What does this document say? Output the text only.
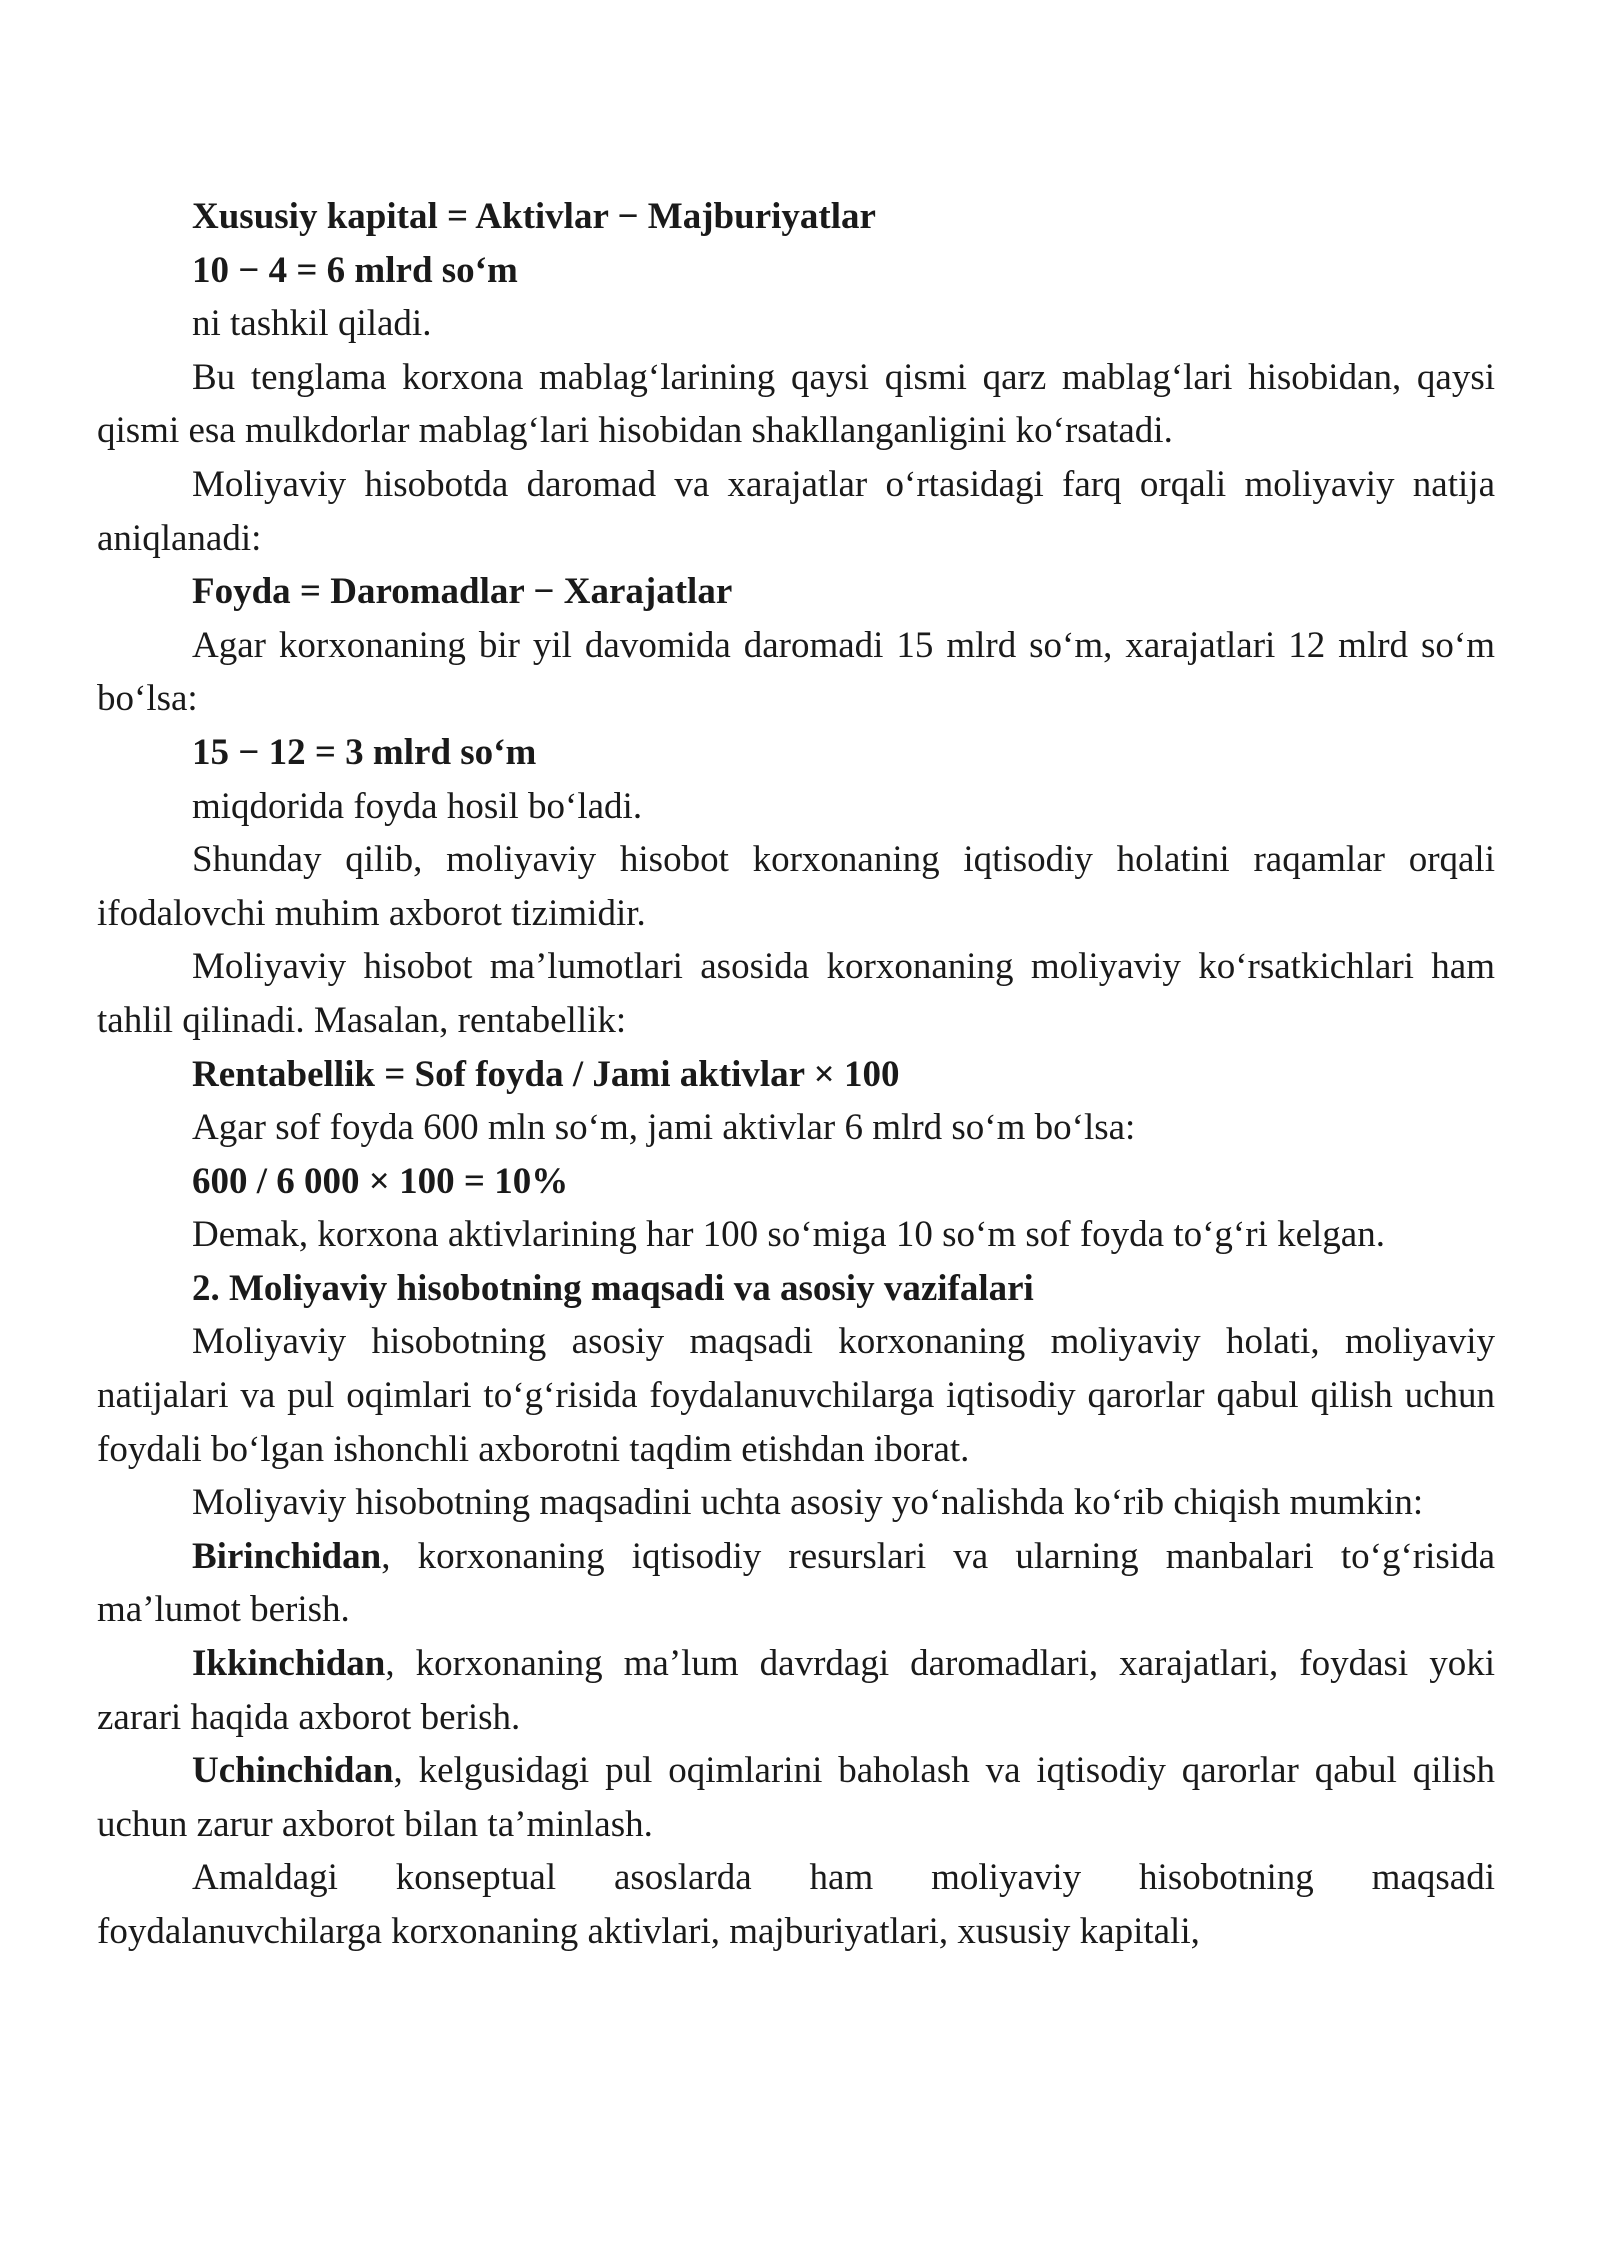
Xususiy kapital = Aktivlar − Majburiyatlar

10 − 4 = 6 mlrd so‘m

ni tashkil qiladi.

Bu tenglama korxona mablag‘larining qaysi qismi qarz mablag‘lari hisobidan, qaysi qismi esa mulkdorlar mablag‘lari hisobidan shakllanganligini ko‘rsatadi.

Moliyaviy hisobotda daromad va xarajatlar o‘rtasidagi farq orqali moliyaviy natija aniqlanadi:

Foyda = Daromadlar − Xarajatlar

Agar korxonaning bir yil davomida daromadi 15 mlrd so‘m, xarajatlari 12 mlrd so‘m bo‘lsa:

15 − 12 = 3 mlrd so‘m

miqdorida foyda hosil bo‘ladi.

Shunday qilib, moliyaviy hisobot korxonaning iqtisodiy holatini raqamlar orqali ifodalovchi muhim axborot tizimidir.

Moliyaviy hisobot ma’lumotlari asosida korxonaning moliyaviy ko‘rsatkichlari ham tahlil qilinadi. Masalan, rentabellik:

Rentabellik = Sof foyda / Jami aktivlar × 100

Agar sof foyda 600 mln so‘m, jami aktivlar 6 mlrd so‘m bo‘lsa:

600 / 6 000 × 100 = 10%

Demak, korxona aktivlarining har 100 so‘miga 10 so‘m sof foyda to‘g‘ri kelgan.

2. Moliyaviy hisobotning maqsadi va asosiy vazifalari

Moliyaviy hisobotning asosiy maqsadi korxonaning moliyaviy holati, moliyaviy natijalari va pul oqimlari to‘g‘risida foydalanuvchilarga iqtisodiy qarorlar qabul qilish uchun foydali bo‘lgan ishonchli axborotni taqdim etishdan iborat.

Moliyaviy hisobotning maqsadini uchta asosiy yo‘nalishda ko‘rib chiqish mumkin:

Birinchidan, korxonaning iqtisodiy resurslari va ularning manbalari to‘g‘risida ma’lumot berish.

Ikkinchidan, korxonaning ma’lum davrdagi daromadlari, xarajatlari, foydasi yoki zarari haqida axborot berish.

Uchinchidan, kelgusidagi pul oqimlarini baholash va iqtisodiy qarorlar qabul qilish uchun zarur axborot bilan ta’minlash.

Amaldagi konseptual asoslarda ham moliyaviy hisobotning maqsadi foydalanuvchilarga korxonaning aktivlari, majburiyatlari, xususiy kapitali,
